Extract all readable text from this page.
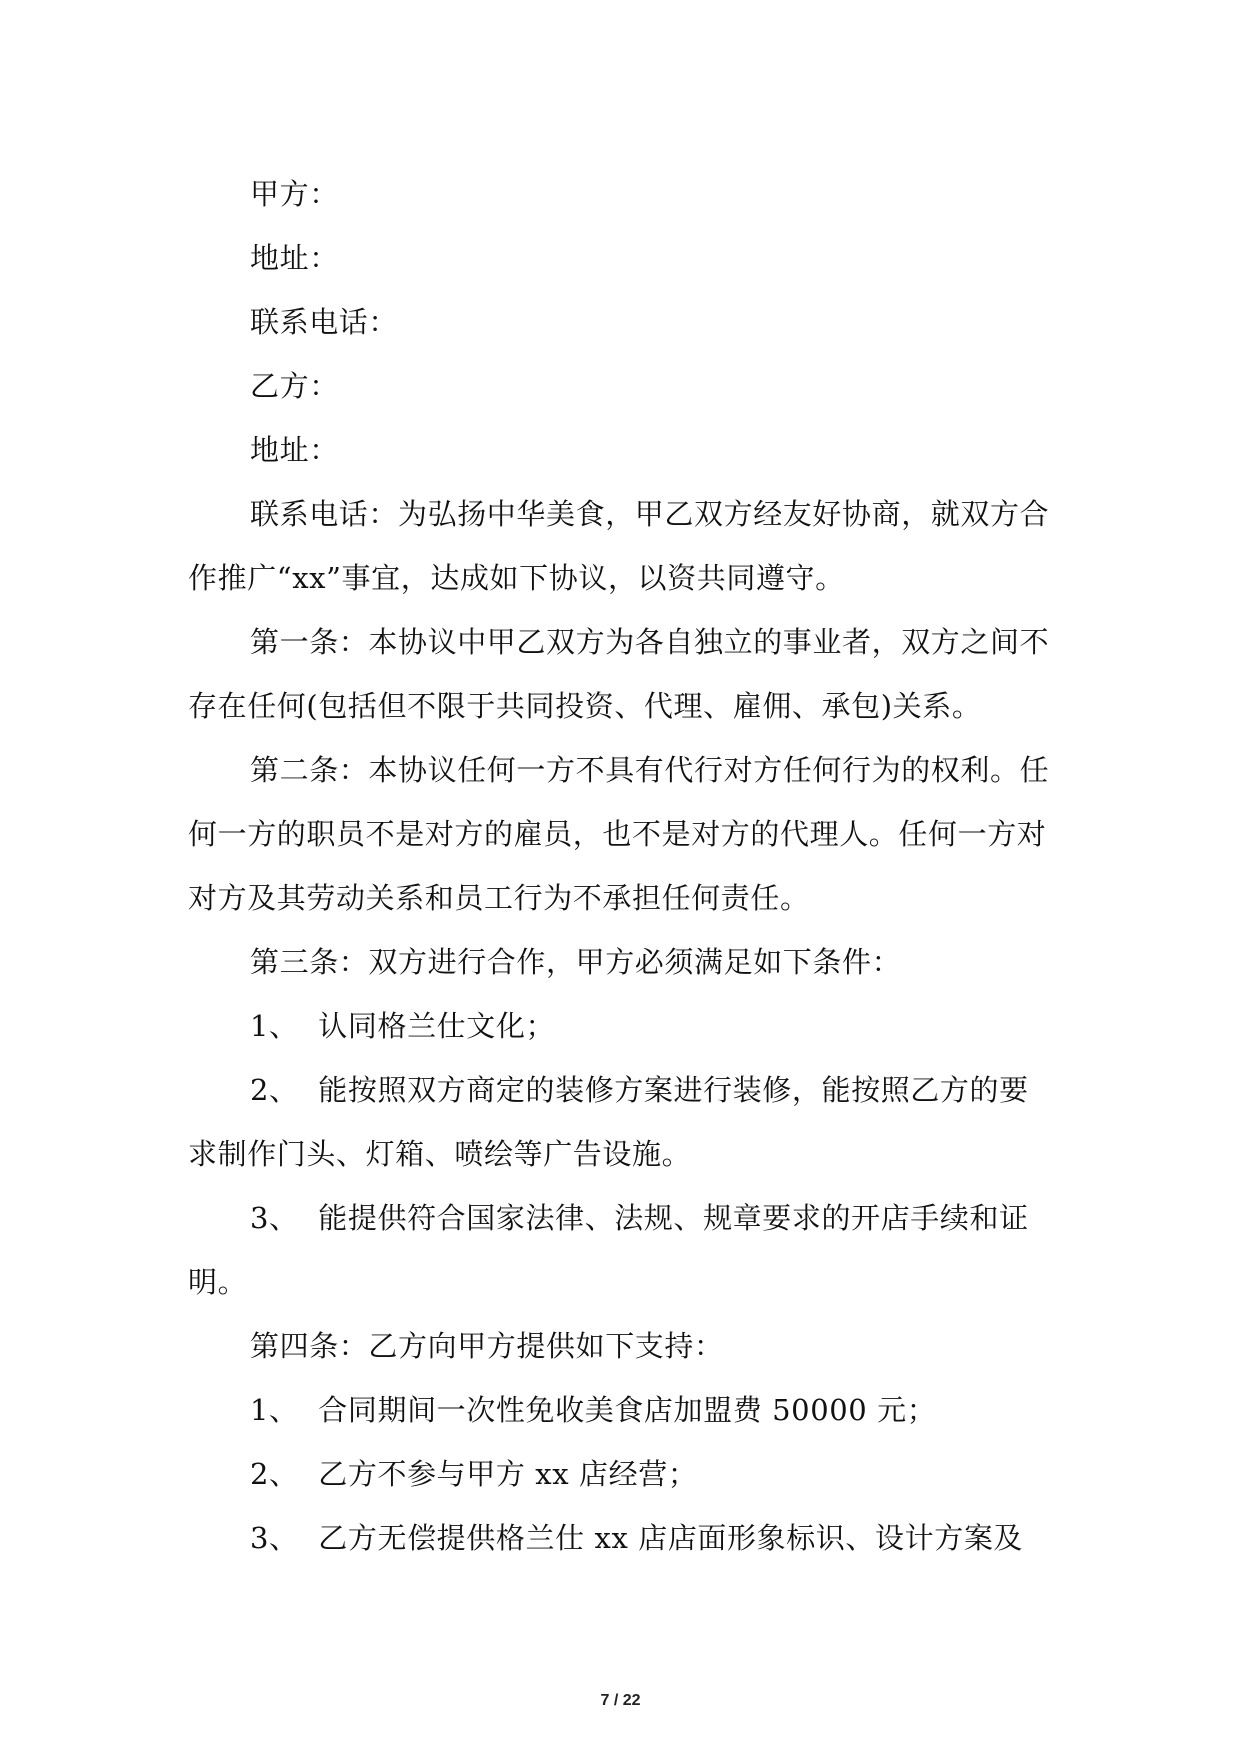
甲方：

地址：

联系电话：

乙方：

地址：

联系电话：为弘扬中华美食，甲乙双方经友好协商，就双方合作推广“xx”事宜，达成如下协议，以资共同遵守。

第一条：本协议中甲乙双方为各自独立的事业者，双方之间不存在任何(包括但不限于共同投资、代理、雇佣、承包)关系。

第二条：本协议任何一方不具有代行对方任何行为的权利。任何一方的职员不是对方的雇员，也不是对方的代理人。任何一方对对方及其劳动关系和员工行为不承担任何责任。

第三条：双方进行合作，甲方必须满足如下条件：

1、  认同格兰仕文化；

2、  能按照双方商定的装修方案进行装修，能按照乙方的要求制作门头、灯箱、喷绘等广告设施。

3、  能提供符合国家法律、法规、规章要求的开店手续和证明。

第四条：乙方向甲方提供如下支持：

1、  合同期间一次性免收美食店加盟费 50000 元；

2、  乙方不参与甲方 xx 店经营；

3、  乙方无偿提供格兰仕 xx 店店面形象标识、设计方案及

7 / 22
